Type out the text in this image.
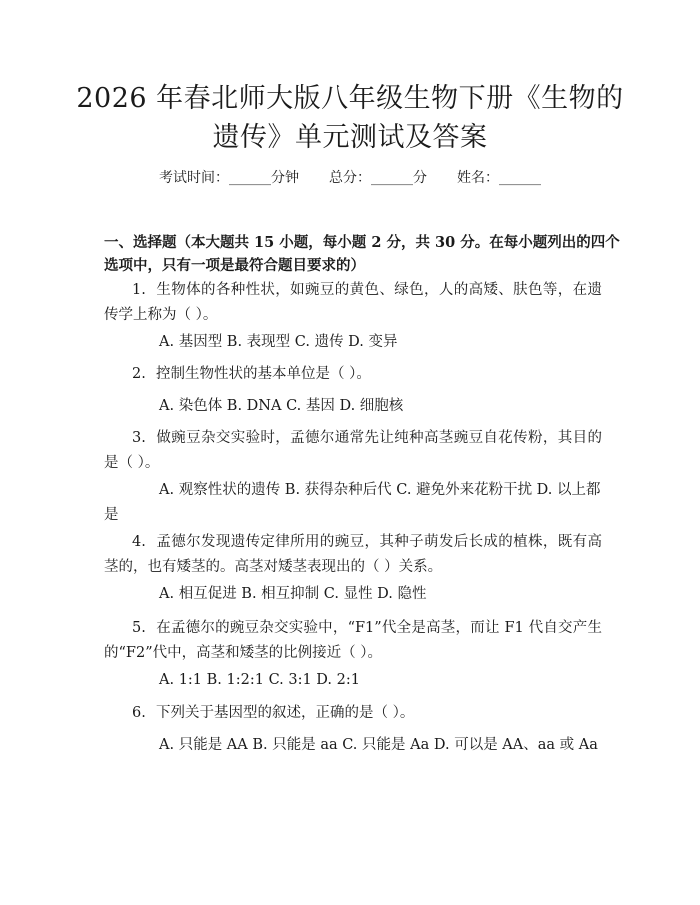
2026 年春北师大版八年级生物下册《生物的
遗传》单元测试及答案
考试时间：______分钟 总分：______分 姓名：______
一、选择题（本大题共 15 小题，每小题 2 分，共 30 分。在每小题列出的四个选项中，只有一项是最符合题目要求的）
1. 生物体的各种性状，如豌豆的黄色、绿色，人的高矮、肤色等，在遗传学上称为（ ）。
A. 基因型 B. 表现型 C. 遗传 D. 变异
2. 控制生物性状的基本单位是（ ）。
A. 染色体 B. DNA C. 基因 D. 细胞核
3. 做豌豆杂交实验时，孟德尔通常先让纯种高茎豌豆自花传粉，其目的是（ ）。
A. 观察性状的遗传 B. 获得杂种后代 C. 避免外来花粉干扰 D. 以上都是
4. 孟德尔发现遗传定律所用的豌豆，其种子萌发后长成的植株，既有高茎的，也有矮茎的。高茎对矮茎表现出的（ ）关系。
A. 相互促进 B. 相互抑制 C. 显性 D. 隐性
5. 在孟德尔的豌豆杂交实验中，“F1”代全是高茎，而让 F1 代自交产生的“F2”代中，高茎和矮茎的比例接近（ ）。
A. 1:1 B. 1:2:1 C. 3:1 D. 2:1
6. 下列关于基因型的叙述，正确的是（ ）。
A. 只能是 AA B. 只能是 aa C. 只能是 Aa D. 可以是 AA、aa 或 Aa
